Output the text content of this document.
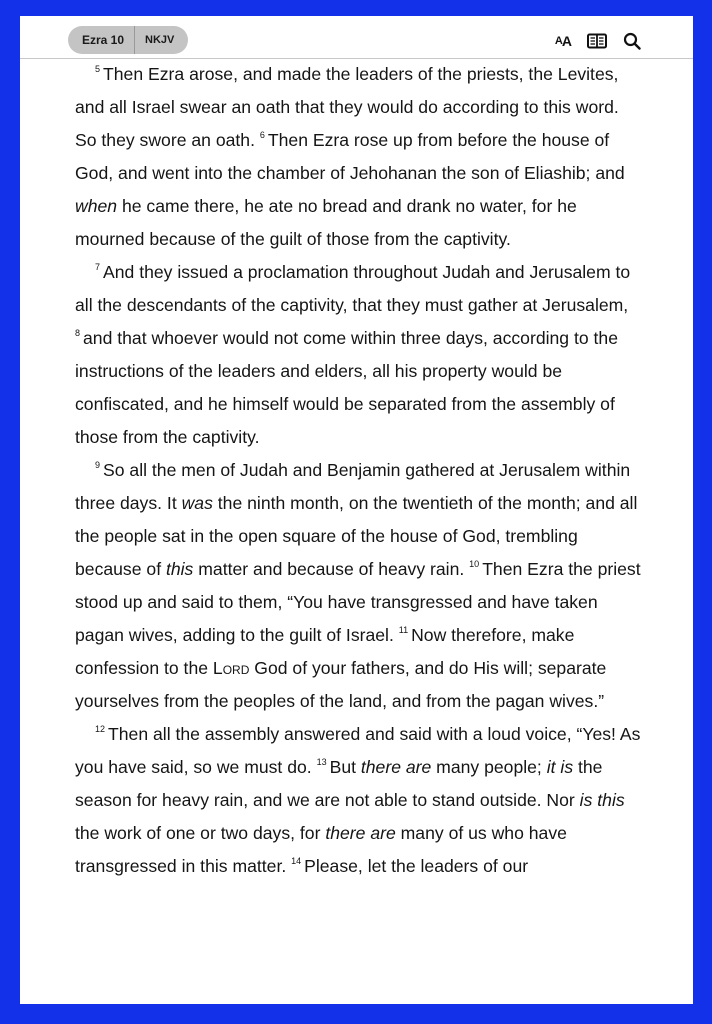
Ezra 10	NKJV	A A

$^5$ Then Ezra arose, and made the leaders of the priests, the Levites, and all Israel swear an oath that they would do according to this word. So they swore an oath. $^6$ Then Ezra rose up from before the house of God, and went into the chamber of Jehohanan the son of Eliashib; and when he came there, he ate no bread and drank no water, for he mourned because of the guilt of those from the captivity.

$^7$ And they issued a proclamation throughout Judah and Jerusalem to all the descendants of the captivity, that they must gather at Jerusalem, $^8$ and that whoever would not come within three days, according to the instructions of the leaders and elders, all his property would be confiscated, and he himself would be separated from the assembly of those from the captivity.

$^9$ So all the men of Judah and Benjamin gathered at Jerusalem within three days. It was the ninth month, on the twentieth of the month; and all the people sat in the open square of the house of God, trembling because of this matter and because of heavy rain. $^{10}$ Then Ezra the priest stood up and said to them, “You have transgressed and have taken pagan wives, adding to the guilt of Israel. $^{11}$ Now therefore, make confession to the Lord God of your fathers, and do His will; separate yourselves from the peoples of the land, and from the pagan wives.”

$^{12}$ Then all the assembly answered and said with a loud voice, “Yes! As you have said, so we must do. $^{13}$ But there are many people; it is the season for heavy rain, and we are not able to stand outside. Nor is this the work of one or two days, for there are many of us who have transgressed in this matter. $^{14}$ Please, let the leaders of our
